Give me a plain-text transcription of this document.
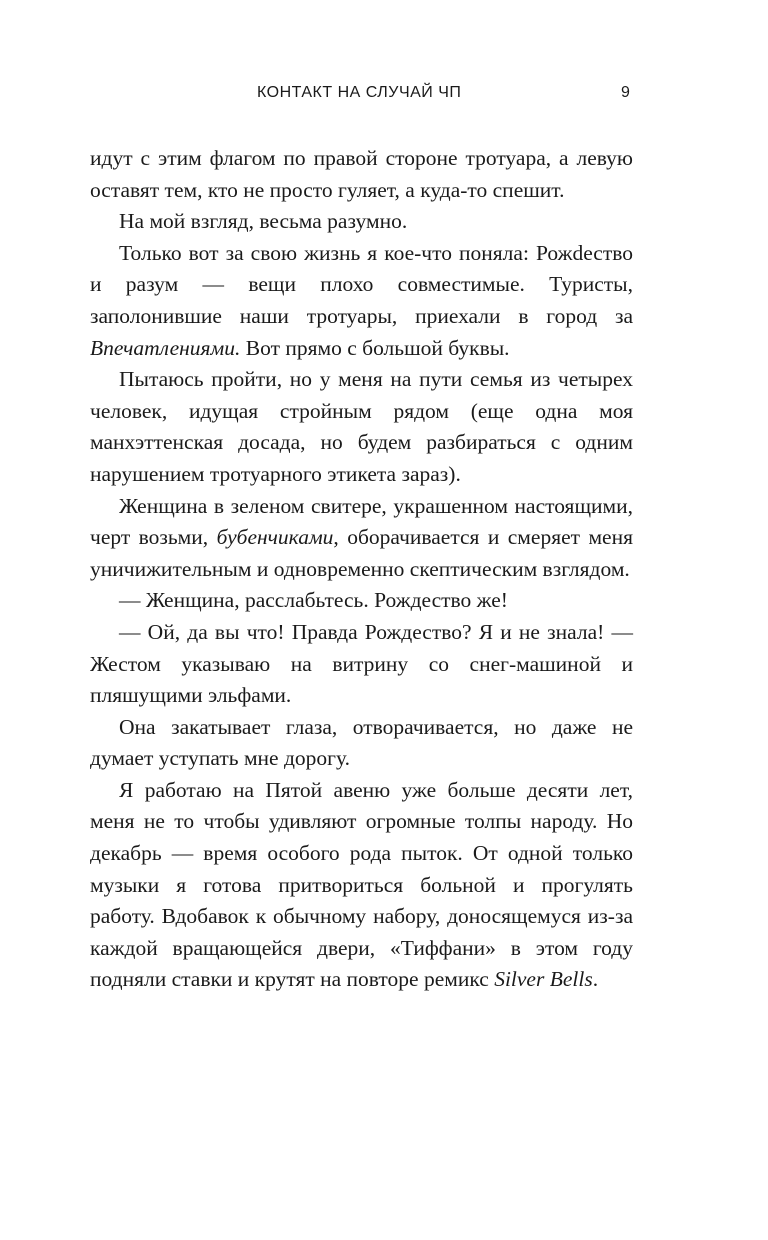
КОНТАКТ НА СЛУЧАЙ ЧП	9

идут с этим флагом по правой стороне тротуара, а левую оставят тем, кто не просто гуляет, а куда-то спешит.

На мой взгляд, весьма разумно.

Только вот за свою жизнь я кое-что поняла: Рожdество и разум — вещи плохо совместимые. Туристы, заполонившие наши тротуары, приехали в город за Впечатлениями. Вот прямо с большой буквы.

Пытаюсь пройти, но у меня на пути семья из четырех человек, идущая стройным рядом (еще одна моя манхэттенская досада, но будем разбираться с одним нарушением тротуарного этикета зараз).

Женщина в зеленом свитере, украшенном настоящими, черт возьми, бубенчиками, оборачивается и смеряет меня уничижительным и одновременно скептическим взглядом.

— Женщина, расслабьтесь. Рождество же!

— Ой, да вы что! Правда Рождество? Я и не знала! — Жестом указываю на витрину со снег-машиной и пляшущими эльфами.

Она закатывает глаза, отворачивается, но даже не думает уступать мне дорогу.

Я работаю на Пятой авеню уже больше десяти лет, меня не то чтобы удивляют огромные толпы народу. Но декабрь — время особого рода пыток. От одной только музыки я готова притвориться больной и прогулять работу. Вдобавок к обычному набору, доносящемуся из-за каждой вращающейся двери, «Тиффани» в этом году подняли ставки и крутят на повторе ремикс Silver Bells.
